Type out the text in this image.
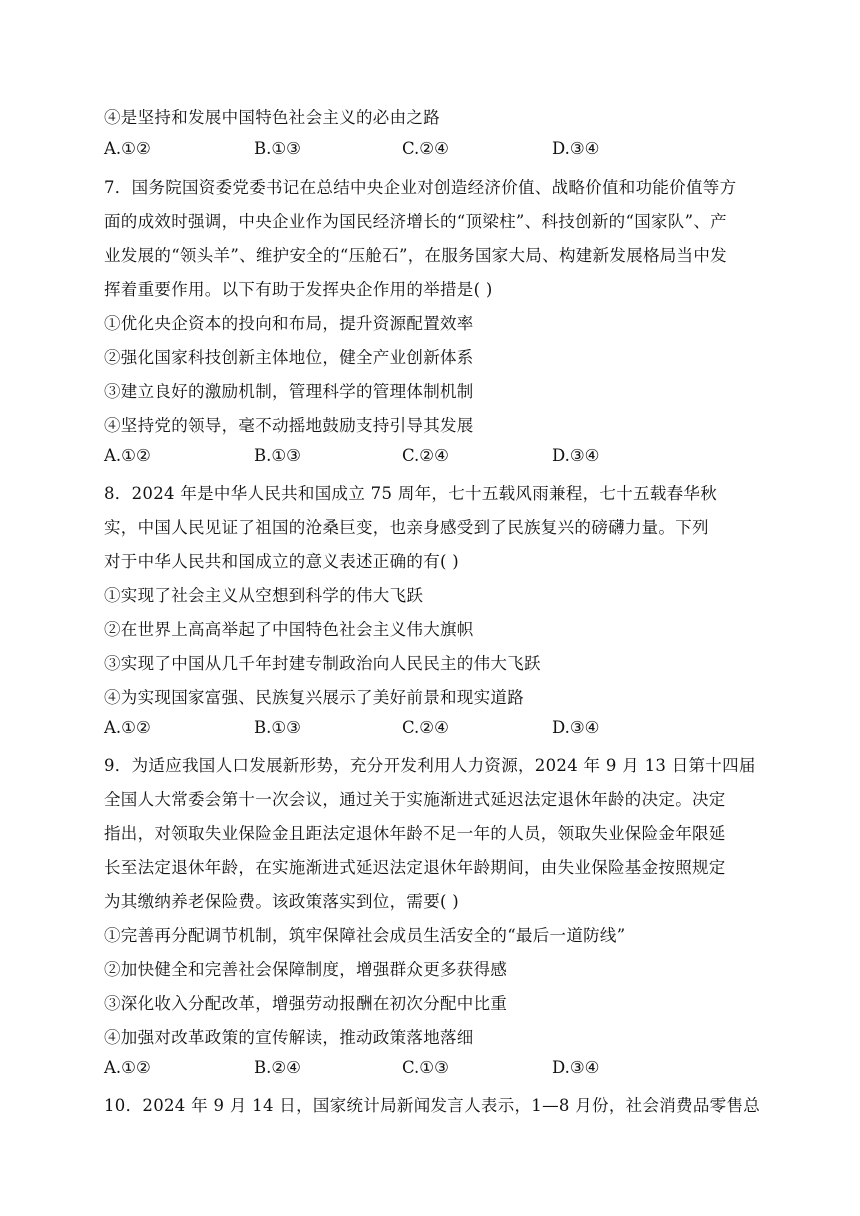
④是坚持和发展中国特色社会主义的必由之路
A.①②	B.①③	C.②④	D.③④
7．国务院国资委党委书记在总结中央企业对创造经济价值、战略价值和功能价值等方
面的成效时强调，中央企业作为国民经济增长的“顶梁柱”、科技创新的“国家队”、产
业发展的“领头羊”、维护安全的“压舱石”，在服务国家大局、构建新发展格局当中发
挥着重要作用。以下有助于发挥央企作用的举措是( )
①优化央企资本的投向和布局，提升资源配置效率
②强化国家科技创新主体地位，健全产业创新体系
③建立良好的激励机制，管理科学的管理体制机制
④坚持党的领导，毫不动摇地鼓励支持引导其发展
A.①②	B.①③	C.②④	D.③④
8．2024 年是中华人民共和国成立 75 周年，七十五载风雨兼程，七十五载春华秋
实，中国人民见证了祖国的沧桑巨变，也亲身感受到了民族复兴的磅礴力量。下列
对于中华人民共和国成立的意义表述正确的有( )
①实现了社会主义从空想到科学的伟大飞跃
②在世界上高高举起了中国特色社会主义伟大旗帜
③实现了中国从几千年封建专制政治向人民民主的伟大飞跃
④为实现国家富强、民族复兴展示了美好前景和现实道路
A.①②	B.①③	C.②④	D.③④
9．为适应我国人口发展新形势，充分开发利用人力资源，2024 年 9 月 13 日第十四届
全国人大常委会第十一次会议，通过关于实施渐进式延迟法定退休年龄的决定。决定
指出，对领取失业保险金且距法定退休年龄不足一年的人员，领取失业保险金年限延
长至法定退休年龄，在实施渐进式延迟法定退休年龄期间，由失业保险基金按照规定
为其缴纳养老保险费。该政策落实到位，需要( )
①完善再分配调节机制，筑牢保障社会成员生活安全的“最后一道防线”
②加快健全和完善社会保障制度，增强群众更多获得感
③深化收入分配改革，增强劳动报酬在初次分配中比重
④加强对改革政策的宣传解读，推动政策落地落细
A.①②	B.②④	C.①③	D.③④
10．2024 年 9 月 14 日，国家统计局新闻发言人表示，1—8 月份，社会消费品零售总
